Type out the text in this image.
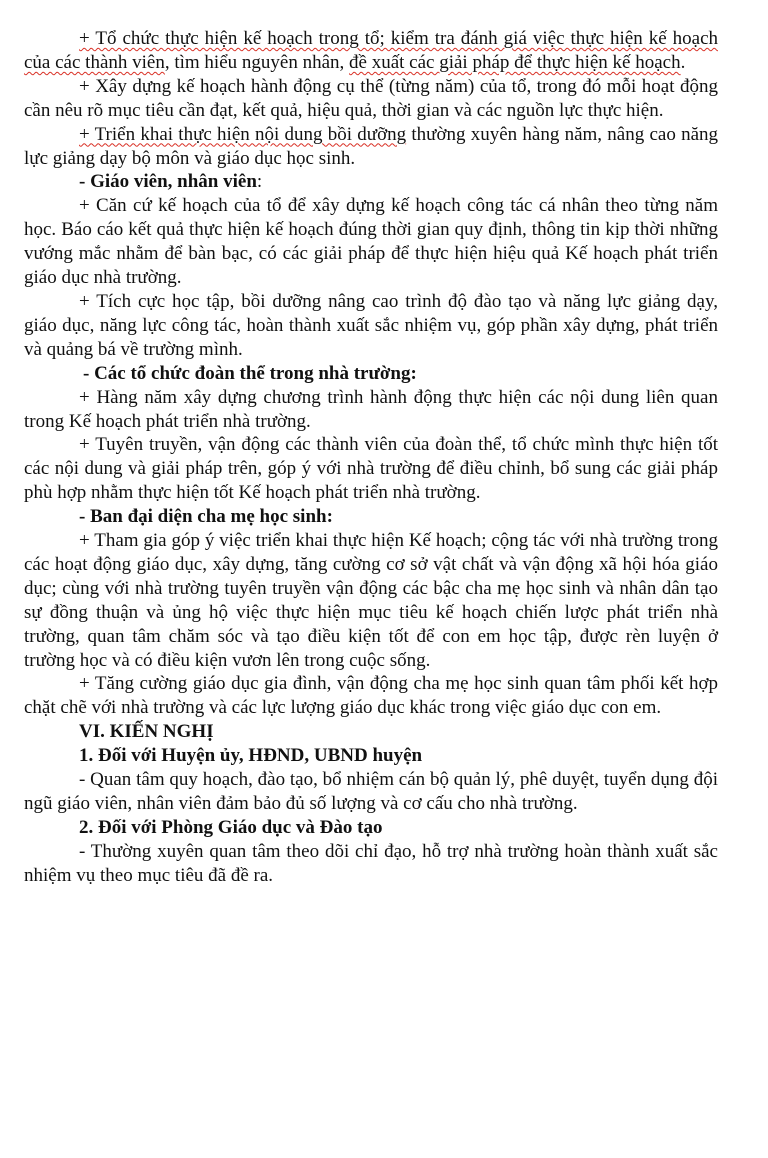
+ Tổ chức thực hiện kế hoạch trong tổ; kiểm tra đánh giá việc thực hiện kế hoạch của các thành viên, tìm hiểu nguyên nhân, đề xuất các giải pháp để thực hiện kế hoạch.

+ Xây dựng kế hoạch hành động cụ thể (từng năm) của tổ, trong đó mỗi hoạt động cần nêu rõ mục tiêu cần đạt, kết quả, hiệu quả, thời gian và các nguồn lực thực hiện.

+ Triển khai thực hiện nội dung bồi dưỡng thường xuyên hàng năm, nâng cao năng lực giảng dạy bộ môn và giáo dục học sinh.

- Giáo viên, nhân viên:

+ Căn cứ kế hoạch của tổ để xây dựng kế hoạch công tác cá nhân theo từng năm học. Báo cáo kết quả thực hiện kế hoạch đúng thời gian quy định, thông tin kịp thời những vướng mắc nhằm để bàn bạc, có các giải pháp để thực hiện hiệu quả Kế hoạch phát triển giáo dục nhà trường.

+ Tích cực học tập, bồi dưỡng nâng cao trình độ đào tạo và năng lực giảng dạy, giáo dục, năng lực công tác, hoàn thành xuất sắc nhiệm vụ, góp phần xây dựng, phát triển và quảng bá về trường mình.

- Các tổ chức đoàn thể trong nhà trường:

+ Hàng năm xây dựng chương trình hành động thực hiện các nội dung liên quan trong Kế hoạch phát triển nhà trường.

+ Tuyên truyền, vận động các thành viên của đoàn thể, tổ chức mình thực hiện tốt các nội dung và giải pháp trên, góp ý với nhà trường để điều chỉnh, bổ sung các giải pháp phù hợp nhằm thực hiện tốt Kế hoạch phát triển nhà trường.

- Ban đại diện cha mẹ học sinh:

+ Tham gia góp ý việc triển khai thực hiện Kế hoạch; cộng tác với nhà trường trong các hoạt động giáo dục, xây dựng, tăng cường cơ sở vật chất và vận động xã hội hóa giáo dục; cùng với nhà trường tuyên truyền vận động các bậc cha mẹ học sinh và nhân dân tạo sự đồng thuận và ủng hộ việc thực hiện mục tiêu kế hoạch chiến lược phát triển nhà trường, quan tâm chăm sóc và tạo điều kiện tốt để con em học tập, được rèn luyện ở trường học và có điều kiện vươn lên trong cuộc sống.

+ Tăng cường giáo dục gia đình, vận động cha mẹ học sinh quan tâm phối kết hợp chặt chẽ với nhà trường và các lực lượng giáo dục khác trong việc giáo dục con em.

VI. KIẾN NGHỊ

1. Đối với Huyện ủy, HĐND, UBND huyện

- Quan tâm quy hoạch, đào tạo, bổ nhiệm cán bộ quản lý, phê duyệt, tuyển dụng đội ngũ giáo viên, nhân viên đảm bảo đủ số lượng và cơ cấu cho nhà trường.

2. Đối với Phòng Giáo dục và Đào tạo

- Thường xuyên quan tâm theo dõi chỉ đạo, hỗ trợ nhà trường hoàn thành xuất sắc nhiệm vụ theo mục tiêu đã đề ra.
